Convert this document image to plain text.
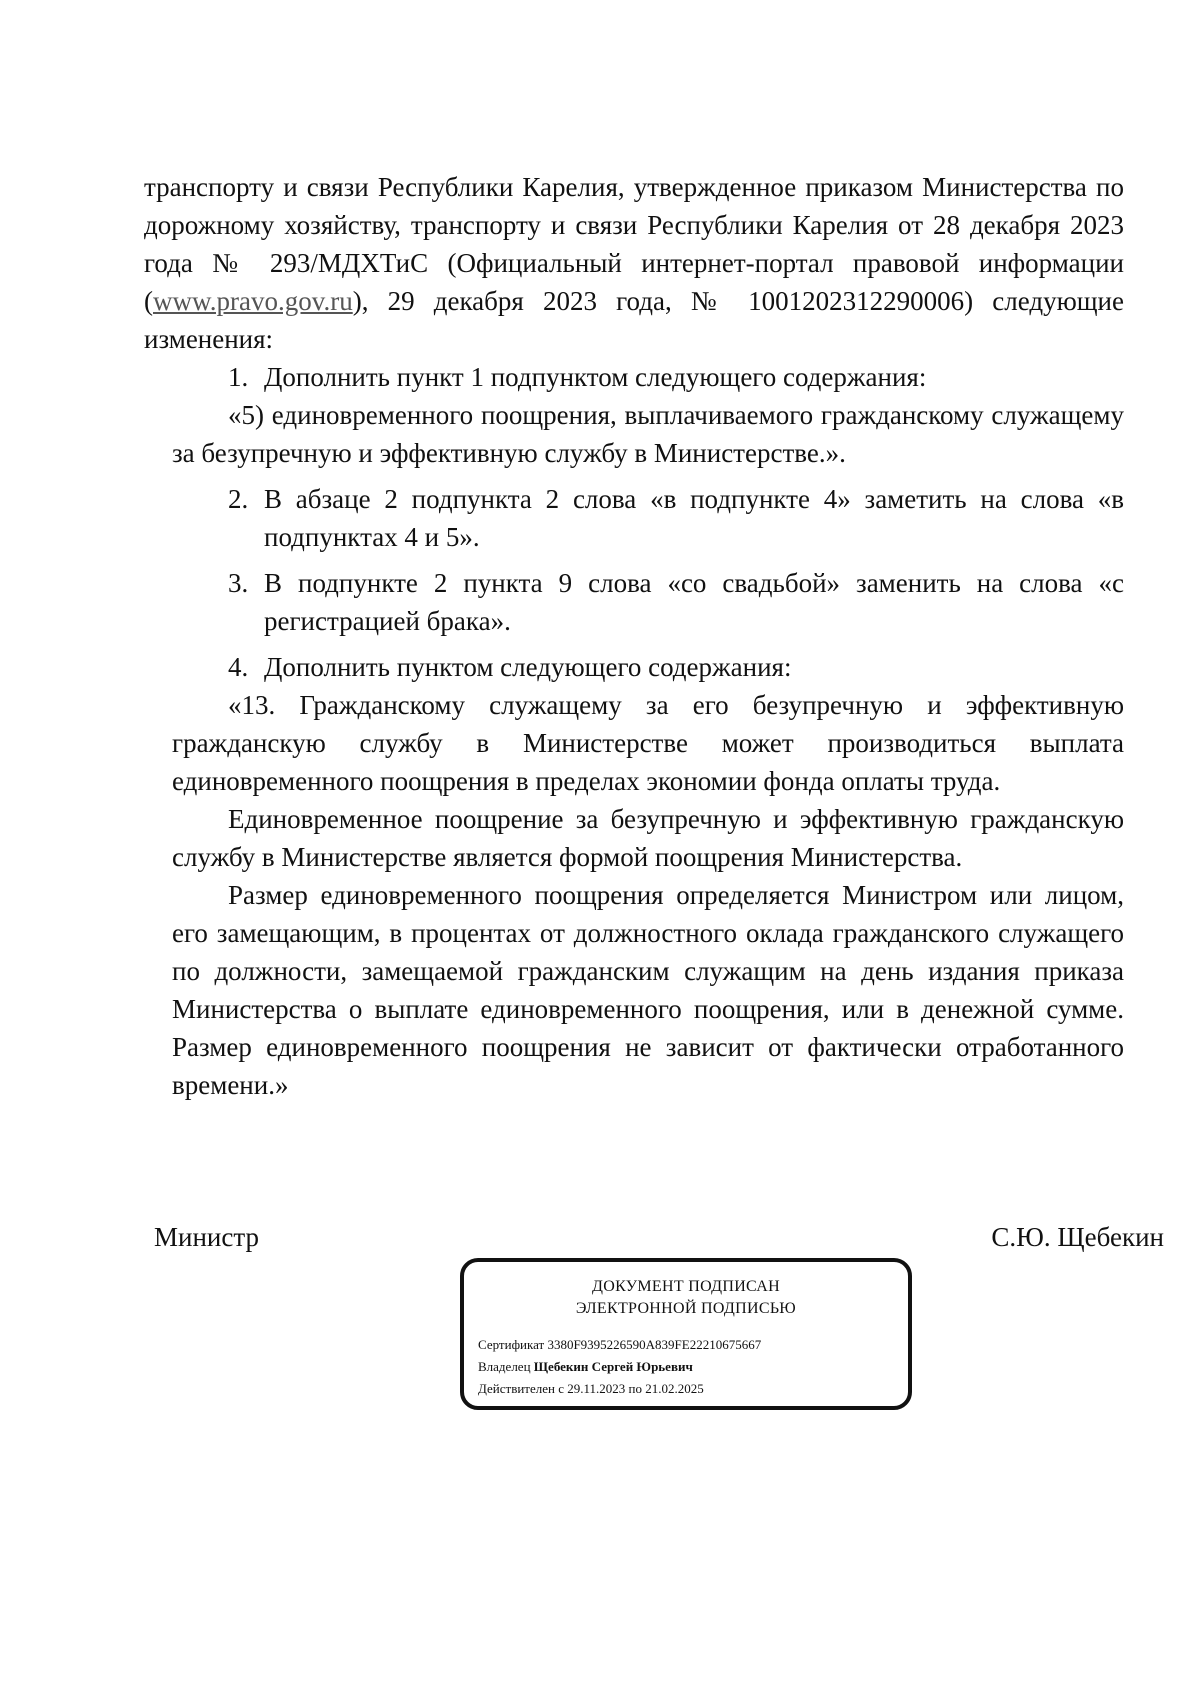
транспорту и связи Республики Карелия, утвержденное приказом Министерства по дорожному хозяйству, транспорту и связи Республики Карелия от 28 декабря 2023 года № 293/МДХТиС (Официальный интернет-портал правовой информации (www.pravo.gov.ru), 29 декабря 2023 года, № 1001202312290006) следующие изменения:

1. Дополнить пункт 1 подпунктом следующего содержания:

«5) единовременного поощрения, выплачиваемого гражданскому служащему за безупречную и эффективную службу в Министерстве.».

2. В абзаце 2 подпункта 2 слова «в подпункте 4» заметить на слова «в подпунктах 4 и 5».
3. В подпункте 2 пункта 9 слова «со свадьбой» заменить на слова «с регистрацией брака».
4. Дополнить пунктом следующего содержания:

«13. Гражданскому служащему за его безупречную и эффективную гражданскую службу в Министерстве может производиться выплата единовременного поощрения в пределах экономии фонда оплаты труда.

Единовременное поощрение за безупречную и эффективную гражданскую службу в Министерстве является формой поощрения Министерства.

Размер единовременного поощрения определяется Министром или лицом, его замещающим, в процентах от должностного оклада гражданского служащего по должности, замещаемой гражданским служащим на день издания приказа Министерства о выплате единовременного поощрения, или в денежной сумме. Размер единовременного поощрения не зависит от фактически отработанного времени.»

Министр	С.Ю. Щебекин
ДОКУМЕНТ ПОДПИСАН
ЭЛЕКТРОННОЙ ПОДПИСЬЮ
Сертификат 3380F9395226590A839FE22210675667
Владелец Щебекин Сергей Юрьевич
Действителен с 29.11.2023 по 21.02.2025
